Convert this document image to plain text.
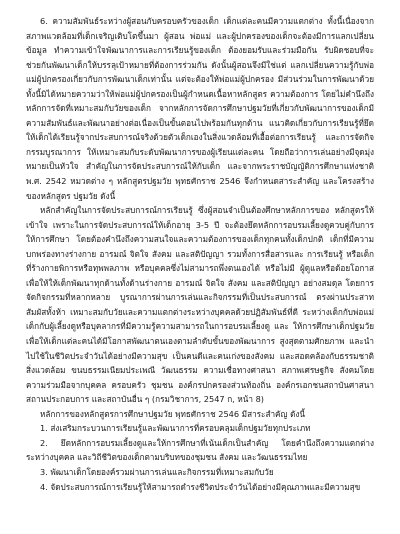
6. ความสัมพันธ์ระหว่างผู้สอนกับครอบครัวของเด็ก เด็กแต่ละคนมีความแตกต่าง ทั้งนี้เนื่องจากสภาพแวดล้อมที่เด็กเจริญเติบโตขึ้นมา ผู้สอน พ่อแม่ และผู้ปกครองของเด็กจะต้องมีการแลกเปลี่ยนข้อมูล ทำความเข้าใจพัฒนาการและการเรียนรู้ของเด็ก ต้องยอมรับและร่วมมือกัน รับผิดชอบที่จะช่วยกันพัฒนาเด็กให้บรรลุเป้าหมายที่ต้องการร่วมกัน ดังนั้นผู้สอนจึงมีใช่แต่ แลกเปลี่ยนความรู้กับพ่อแม่ผู้ปกครองเกี่ยวกับการพัฒนาเด็กเท่านั้น แต่จะต้องให้พ่อแม่ผู้ปกครอง มีส่วนร่วมในการพัฒนาด้วย ทั้งนี้มิได้หมายความว่าให้พ่อแม่ผู้ปกครองเป็นผู้กำหนดเนื้อหาหลักสูตร ความต้องการ โดยไม่คำนึงถึงหลักการจัดที่เหมาะสมกับวัยของเด็ก จากหลักการจัดการศึกษาปฐมวัยที่เกี่ยวกับพัฒนาการของเด็กมีความสัมพันธ์และพัฒนาอย่างต่อเนื่องเป็นขั้นตอนไปพร้อมกันทุกด้าน แนวคิดเกี่ยวกับการเรียนรู้ที่ยึดให้เด็กได้เรียนรู้จากประสบการณ์จริงด้วยตัวเด็กเองในสิ่งแวดล้อมที่เอื้อต่อการเรียนรู้ และการจัดกิจกรรมบูรณาการ ให้เหมาะสมกับระดับพัฒนาการของผู้เรียนแต่ละคน โดยถือว่าการเล่นอย่างมีจุดมุ่งหมายเป็นหัวใจ สำคัญในการจัดประสบการณ์ให้กับเด็ก และจากพระราชบัญญัติการศึกษาแห่งชาติ พ.ศ. 2542 หมวดต่าง ๆ หลักสูตรปฐมวัย พุทธศักราช 2546 จึงกำหนดสาระสำคัญ และโครงสร้างของหลักสูตร ปฐมวัย ดังนี้

หลักสำคัญในการจัดประสบการณ์การเรียนรู้ ซึ่งผู้สอนจำเป็นต้องศึกษาหลักการของ หลักสูตรให้เข้าใจ เพราะในการจัดประสบการณ์ให้เด็กอายุ 3-5 ปี จะต้องยึดหลักการอบรมเลี้ยงดูควบคู่กับการให้การศึกษา โดยต้องคำนึงถึงความสนใจและความต้องการของเด็กทุกคนทั้งเด็กปกติ เด็กที่มีความบกพร่องทางร่างกาย อารมณ์ จิตใจ สังคม และสติปัญญา รวมทั้งการสื่อสารและ การเรียนรู้ หรือเด็กที่ร้างกายพิการหรือทุพพลภาพ หรือบุคคลซึ่งไม่สามารถพึ่งตนเองได้ หรือไม่มี ผู้ดูแลหรือด้อยโอกาส เพื่อให้ให้เด็กพัฒนาทุกด้านทั้งด้านร่างกาย อารมณ์ จิตใจ สังคม และสติปัญญา อย่างสมดุล โดยการจัดกิจกรรมที่หลากหลาย บูรณาการผ่านการเล่นและกิจกรรมที่เป็นประสบการณ์ ตรงผ่านประสาทสัมผัสทั้งห้า เหมาะสมกับวัยและความแตกต่างระหว่างบุคคลด้วยปฏิสัมพันธ์ที่ดี ระหว่างเด็กกับพ่อแม่ เด็กกับผู้เลี้ยงดูหรือบุคลากรที่มีความรู้ความสามารถในการอบรมเลี้ยงดู และ ให้การศึกษาเด็กปฐมวัย เพื่อให้เด็กแต่ละคนได้มีโอกาสพัฒนาตนเองตามลำดับขั้นของพัฒนาการ สูงสุดตามศักยภาพ และนำไปใช้ในชีวิตประจำวันได้อย่างมีความสุข เป็นคนดีและคนเก่งของสังคม และสอดคล้องกับธรรมชาติ สิ่งแวดล้อม ขนบธรรมเนียมประเพณี วัฒนธรรม ความเชื่อทางศาสนา สภาพเศรษฐกิจ สังคมโดยความร่วมมือจากบุคคล ครอบครัว ชุมชน องค์กรปกครองส่วนท้องถิ่น องค์กรเอกชนสถาบันศาสนา สถานประกอบการ และสถาบันอื่น ๆ (กรมวิชาการ, 2547 ก, หน้า 8)

หลักการของหลักสูตรการศึกษาปฐมวัย พุทธศักราช 2546 มีสาระสำคัญ ดังนี้

1. ส่งเสริมกระบวนการเรียนรู้และพัฒนาการที่ครอบคลุมเด็กปฐมวัยทุกประเภท
2. ยึดหลักการอบรมเลี้ยงดูและให้การศึกษาที่เน้นเด็กเป็นสำคัญ โดยคำนึงถึงความแตกต่างระหว่างบุคคล และวิถีชีวิตของเด็กตามบริบทของชุมชน สังคม และวัฒนธรรมไทย
3. พัฒนาเด็กโดยองค์รวมผ่านการเล่นและกิจกรรมที่เหมาะสมกับวัย
4. จัดประสบการณ์การเรียนรู้ให้สามารถดำรงชีวิตประจำวันได้อย่างมีคุณภาพและมีความสุข
